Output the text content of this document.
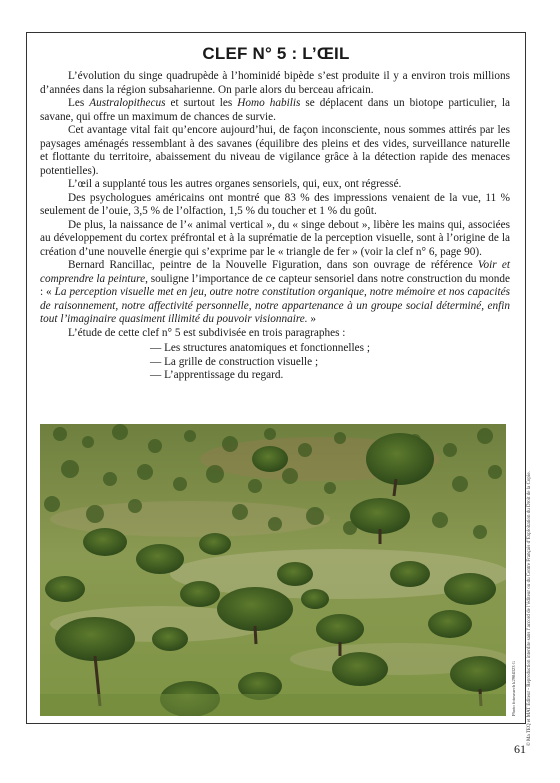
CLEF N° 5 : L’ŒIL

L’évolution du singe quadrupède à l’hominidé bipède s’est produite il y a environ trois millions d’années dans la région subsaharienne. On parle alors du berceau africain.

Les Australopithecus et surtout les Homo habilis se déplacent dans un biotope particulier, la savane, qui offre un maximum de chances de survie.

Cet avantage vital fait qu’encore aujourd’hui, de façon inconsciente, nous sommes attirés par les paysages aménagés ressemblant à des savanes (équilibre des pleins et des vides, surveillance naturelle et flottante du territoire, abaissement du niveau de vigilance grâce à la détection rapide des menaces potentielles).

L’œil a supplanté tous les autres organes sensoriels, qui, eux, ont régressé.

Des psychologues américains ont montré que 83 % des impressions venaient de la vue, 11 % seulement de l’ouie, 3,5 % de l’olfaction, 1,5 % du toucher et 1 % du goût.

De plus, la naissance de l’« animal vertical », du « singe debout », libère les mains qui, associées au développement du cortex préfrontal et à la suprématie de la perception visuelle, sont à l’origine de la création d’une nouvelle énergie qui s’exprime par le « triangle de fer » (voir la clef n° 6, page 90).

Bernard Rancillac, peintre de la Nouvelle Figuration, dans son ouvrage de référence Voir et comprendre la peinture, souligne l’importance de ce capteur sensoriel dans notre construction du monde : « La perception visuelle met en jeu, outre notre constitution organique, notre mémoire et nos capacités de raisonnement, notre affectivité personnelle, notre appartenance à un groupe social déterminé, enfin tout l’imaginaire quasiment illimité du pouvoir visionnaire. »

L’étude de cette clef n° 5 est subdivisée en trois paragraphes :

— Les structures anatomiques et fonctionnelles ;
— La grille de construction visuelle ;
— L’apprentissage du regard.
Photo fotosearch k2984323 G © Ma TEQ et MAT Editeur - Reproduction interdite sans l’accord de l’éditeur ou du Centre Français d’Exploitation du Droit de la Copie.
61
